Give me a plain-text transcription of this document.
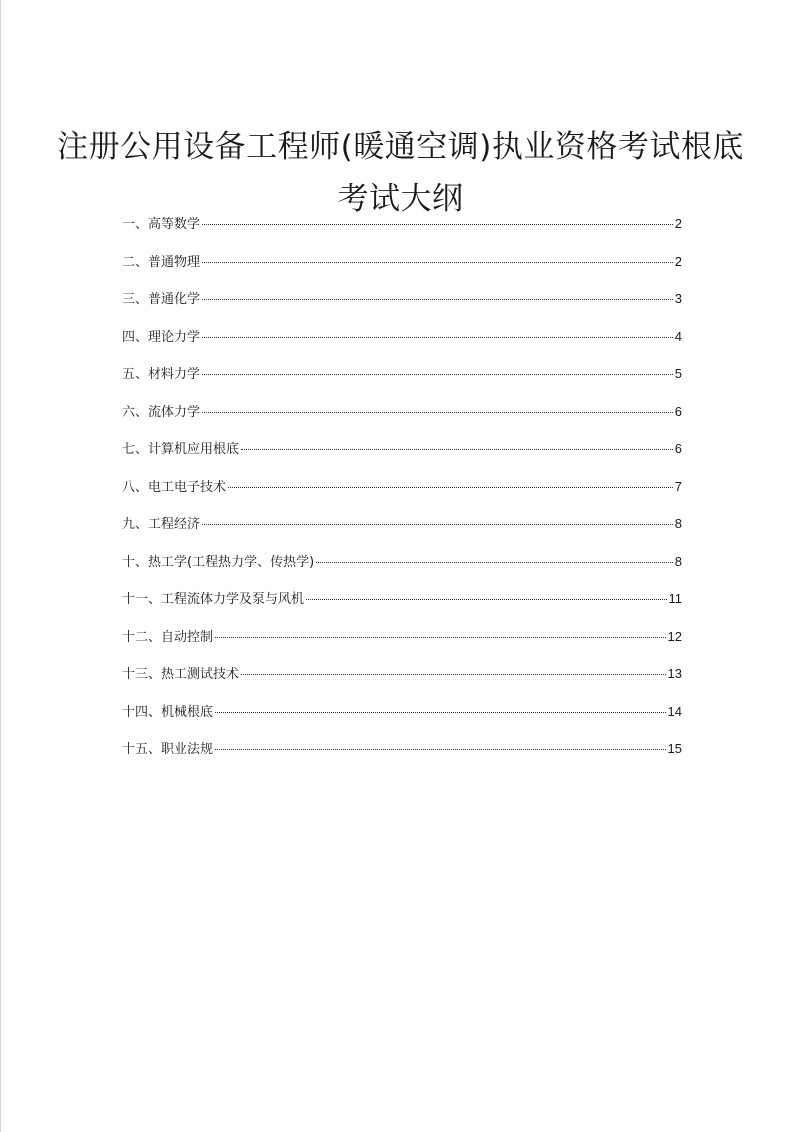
注册公用设备工程师(暖通空调)执业资格考试根底
考试大纲
一、高等数学	2
二、普通物理	2
三、普通化学	3
四、理论力学	4
五、材料力学	5
六、流体力学	6
七、计算机应用根底	6
八、电工电子技术	7
九、工程经济	8
十、热工学(工程热力学、传热学)	8
十一、工程流体力学及泵与风机	11
十二、自动控制	12
十三、热工测试技术	13
十四、机械根底	14
十五、职业法规	15
